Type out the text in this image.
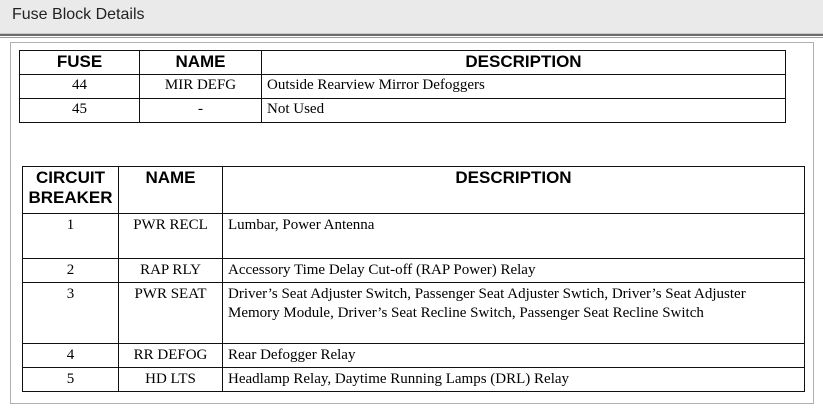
Fuse Block Details
FUSE	NAME	DESCRIPTION
44	MIR DEFG	Outside Rearview Mirror Defoggers
45	-	Not Used
CIRCUIT
BREAKER	NAME	DESCRIPTION
1	PWR RECL	Lumbar, Power Antenna
2	RAP RLY	Accessory Time Delay Cut-off (RAP Power) Relay
3	PWR SEAT	Driver’s Seat Adjuster Switch, Passenger Seat Adjuster Swtich, Driver’s Seat Adjuster Memory Module, Driver’s Seat Recline Switch, Passenger Seat Recline Switch
4	RR DEFOG	Rear Defogger Relay
5	HD LTS	Headlamp Relay, Daytime Running Lamps (DRL) Relay
